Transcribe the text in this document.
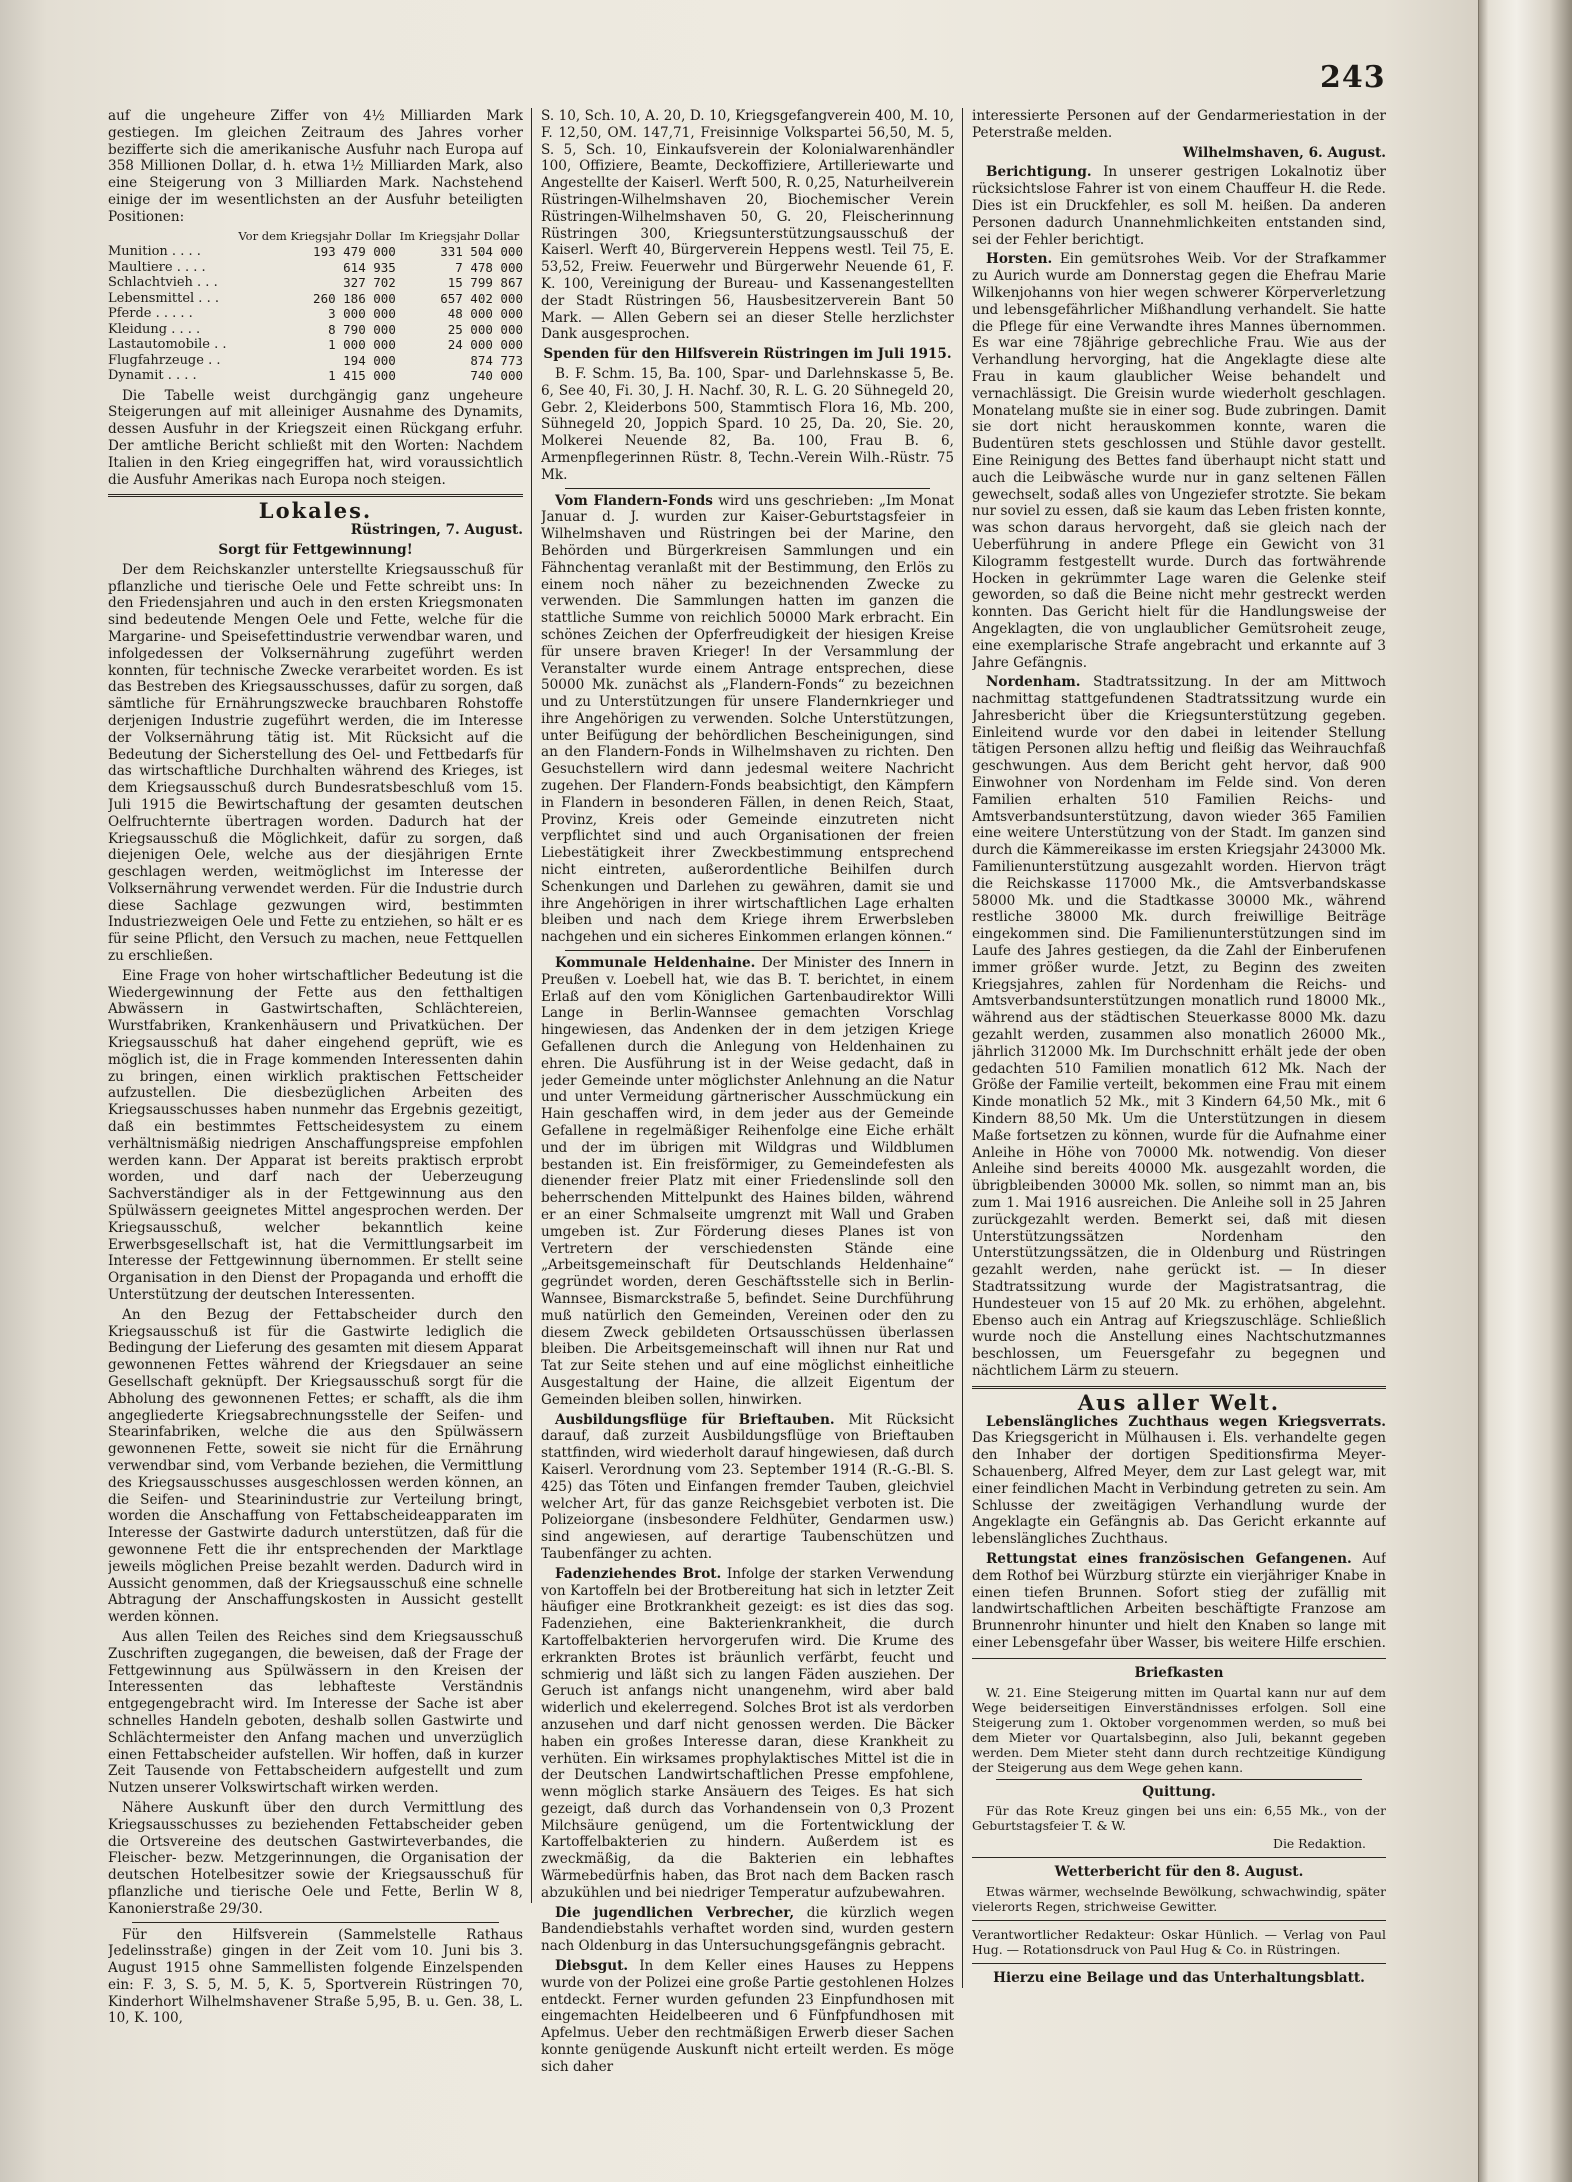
243

auf die ungeheure Ziffer von 4½ Milliarden Mark gestiegen. Im gleichen Zeitraum des Jahres vorher bezifferte sich die amerikanische Ausfuhr nach Europa auf 358 Millionen Dollar, d. h. etwa 1½ Milliarden Mark, also eine Steigerung von 3 Milliarden Mark. Nachstehend einige der im wesentlichsten an der Ausfuhr beteiligten Positionen:

	Vor dem Kriegsjahr Dollar	Im Kriegsjahr Dollar
Munition . . . .	193 479 000	331 504 000
Maultiere . . . .	614 935	7 478 000
Schlachtvieh . . .	327 702	15 799 867
Lebensmittel . . .	260 186 000	657 402 000
Pferde . . . . .	3 000 000	48 000 000
Kleidung . . . .	8 790 000	25 000 000
Lastautomobile . .	1 000 000	24 000 000
Flugfahrzeuge . .	194 000	874 773
Dynamit . . . .	1 415 000	740 000

Die Tabelle weist durchgängig ganz ungeheure Steigerungen auf mit alleiniger Ausnahme des Dynamits, dessen Ausfuhr in der Kriegszeit einen Rückgang erfuhr. Der amtliche Bericht schließt mit den Worten: Nachdem Italien in den Krieg eingegriffen hat, wird voraussichtlich die Ausfuhr Amerikas nach Europa noch steigen.

Lokales.

Rüstringen, 7. August.

Sorgt für Fettgewinnung!

Der dem Reichskanzler unterstellte Kriegsausschuß für pflanzliche und tierische Oele und Fette schreibt uns: In den Friedensjahren und auch in den ersten Kriegsmonaten sind bedeutende Mengen Oele und Fette, welche für die Margarine- und Speisefettindustrie verwendbar waren, und infolgedessen der Volksernährung zugeführt werden konnten, für technische Zwecke verarbeitet worden. Es ist das Bestreben des Kriegsausschusses, dafür zu sorgen, daß sämtliche für Ernährungszwecke brauchbaren Rohstoffe derjenigen Industrie zugeführt werden, die im Interesse der Volksernährung tätig ist. Mit Rücksicht auf die Bedeutung der Sicherstellung des Oel- und Fettbedarfs für das wirtschaftliche Durchhalten während des Krieges, ist dem Kriegsausschuß durch Bundesratsbeschluß vom 15. Juli 1915 die Bewirtschaftung der gesamten deutschen Oelfruchternte übertragen worden. Dadurch hat der Kriegsausschuß die Möglichkeit, dafür zu sorgen, daß diejenigen Oele, welche aus der diesjährigen Ernte geschlagen werden, weitmöglichst im Interesse der Volksernährung verwendet werden. Für die Industrie durch diese Sachlage gezwungen wird, bestimmten Industriezweigen Oele und Fette zu entziehen, so hält er es für seine Pflicht, den Versuch zu machen, neue Fettquellen zu erschließen.

Eine Frage von hoher wirtschaftlicher Bedeutung ist die Wiedergewinnung der Fette aus den fetthaltigen Abwässern in Gastwirtschaften, Schlächtereien, Wurstfabriken, Krankenhäusern und Privatküchen. Der Kriegsausschuß hat daher eingehend geprüft, wie es möglich ist, die in Frage kommenden Interessenten dahin zu bringen, einen wirklich praktischen Fettscheider aufzustellen. Die diesbezüglichen Arbeiten des Kriegsausschusses haben nunmehr das Ergebnis gezeitigt, daß ein bestimmtes Fettscheidesystem zu einem verhältnismäßig niedrigen Anschaffungspreise empfohlen werden kann. Der Apparat ist bereits praktisch erprobt worden, und darf nach der Ueberzeugung Sachverständiger als in der Fettgewinnung aus den Spülwässern geeignetes Mittel angesprochen werden. Der Kriegsausschuß, welcher bekanntlich keine Erwerbsgesellschaft ist, hat die Vermittlungsarbeit im Interesse der Fettgewinnung übernommen. Er stellt seine Organisation in den Dienst der Propaganda und erhofft die Unterstützung der deutschen Interessenten.

An den Bezug der Fettabscheider durch den Kriegsausschuß ist für die Gastwirte lediglich die Bedingung der Lieferung des gesamten mit diesem Apparat gewonnenen Fettes während der Kriegsdauer an seine Gesellschaft geknüpft. Der Kriegsausschuß sorgt für die Abholung des gewonnenen Fettes; er schafft, als die ihm angegliederte Kriegsabrechnungsstelle der Seifen- und Stearinfabriken, welche die aus den Spülwässern gewonnenen Fette, soweit sie nicht für die Ernährung verwendbar sind, vom Verbande beziehen, die Vermittlung des Kriegsausschusses ausgeschlossen werden können, an die Seifen- und Stearinindustrie zur Verteilung bringt, worden die Anschaffung von Fettabscheideapparaten im Interesse der Gastwirte dadurch unterstützen, daß für die gewonnene Fett die ihr entsprechenden der Marktlage jeweils möglichen Preise bezahlt werden. Dadurch wird in Aussicht genommen, daß der Kriegsausschuß eine schnelle Abtragung der Anschaffungskosten in Aussicht gestellt werden können.

Aus allen Teilen des Reiches sind dem Kriegsausschuß Zuschriften zugegangen, die beweisen, daß der Frage der Fettgewinnung aus Spülwässern in den Kreisen der Interessenten das lebhafteste Verständnis entgegengebracht wird. Im Interesse der Sache ist aber schnelles Handeln geboten, deshalb sollen Gastwirte und Schlächtermeister den Anfang machen und unverzüglich einen Fettabscheider aufstellen. Wir hoffen, daß in kurzer Zeit Tausende von Fettabscheidern aufgestellt und zum Nutzen unserer Volkswirtschaft wirken werden.

Nähere Auskunft über den durch Vermittlung des Kriegsausschusses zu beziehenden Fettabscheider geben die Ortsvereine des deutschen Gastwirteverbandes, die Fleischer- bezw. Metzgerinnungen, die Organisation der deutschen Hotelbesitzer sowie der Kriegsausschuß für pflanzliche und tierische Oele und Fette, Berlin W 8, Kanonierstraße 29/30.

Für den Hilfsverein (Sammelstelle Rathaus Jedelinsstraße) gingen in der Zeit vom 10. Juni bis 3. August 1915 ohne Sammellisten folgende Einzelspenden ein: F. 3, S. 5, M. 5, K. 5, Sportverein Rüstringen 70, Kinderhort Wilhelmshavener Straße 5,95, B. u. Gen. 38, L. 10, K. 100,

S. 10, Sch. 10, A. 20, D. 10, Kriegsgefangverein 400, M. 10, F. 12,50, OM. 147,71, Freisinnige Volkspartei 56,50, M. 5, S. 5, Sch. 10, Einkaufsverein der Kolonialwarenhändler 100, Offiziere, Beamte, Deckoffiziere, Artilleriewarte und Angestellte der Kaiserl. Werft 500, R. 0,25, Naturheilverein Rüstringen-Wilhelmshaven 20, Biochemischer Verein Rüstringen-Wilhelmshaven 50, G. 20, Fleischerinnung Rüstringen 300, Kriegsunterstützungsausschuß der Kaiserl. Werft 40, Bürgerverein Heppens westl. Teil 75, E. 53,52, Freiw. Feuerwehr und Bürgerwehr Neuende 61, F. K. 100, Vereinigung der Bureau- und Kassenangestellten der Stadt Rüstringen 56, Hausbesitzerverein Bant 50 Mark. — Allen Gebern sei an dieser Stelle herzlichster Dank ausgesprochen.

Spenden für den Hilfsverein Rüstringen im Juli 1915.

B. F. Schm. 15, Ba. 100, Spar- und Darlehnskasse 5, Be. 6, See 40, Fi. 30, J. H. Nachf. 30, R. L. G. 20 Sühnegeld 20, Gebr. 2, Kleiderbons 500, Stammtisch Flora 16, Mb. 200, Sühnegeld 20, Joppich Spard. 10 25, Da. 20, Sie. 20, Molkerei Neuende 82, Ba. 100, Frau B. 6, Armenpflegerinnen Rüstr. 8, Techn.-Verein Wilh.-Rüstr. 75 Mk.

Vom Flandern-Fonds wird uns geschrieben: „Im Monat Januar d. J. wurden zur Kaiser-Geburtstagsfeier in Wilhelmshaven und Rüstringen bei der Marine, den Behörden und Bürgerkreisen Sammlungen und ein Fähnchentag veranlaßt mit der Bestimmung, den Erlös zu einem noch näher zu bezeichnenden Zwecke zu verwenden. Die Sammlungen hatten im ganzen die stattliche Summe von reichlich 50000 Mark erbracht. Ein schönes Zeichen der Opferfreudigkeit der hiesigen Kreise für unsere braven Krieger! In der Versammlung der Veranstalter wurde einem Antrage entsprechen, diese 50000 Mk. zunächst als „Flandern-Fonds“ zu bezeichnen und zu Unterstützungen für unsere Flandernkrieger und ihre Angehörigen zu verwenden. Solche Unterstützungen, unter Beifügung der behördlichen Bescheinigungen, sind an den Flandern-Fonds in Wilhelmshaven zu richten. Den Gesuchstellern wird dann jedesmal weitere Nachricht zugehen. Der Flandern-Fonds beabsichtigt, den Kämpfern in Flandern in besonderen Fällen, in denen Reich, Staat, Provinz, Kreis oder Gemeinde einzutreten nicht verpflichtet sind und auch Organisationen der freien Liebestätigkeit ihrer Zweckbestimmung entsprechend nicht eintreten, außerordentliche Beihilfen durch Schenkungen und Darlehen zu gewähren, damit sie und ihre Angehörigen in ihrer wirtschaftlichen Lage erhalten bleiben und nach dem Kriege ihrem Erwerbsleben nachgehen und ein sicheres Einkommen erlangen können.“

Kommunale Heldenhaine. Der Minister des Innern in Preußen v. Loebell hat, wie das B. T. berichtet, in einem Erlaß auf den vom Königlichen Gartenbaudirektor Willi Lange in Berlin-Wannsee gemachten Vorschlag hingewiesen, das Andenken der in dem jetzigen Kriege Gefallenen durch die Anlegung von Heldenhainen zu ehren. Die Ausführung ist in der Weise gedacht, daß in jeder Gemeinde unter möglichster Anlehnung an die Natur und unter Vermeidung gärtnerischer Ausschmückung ein Hain geschaffen wird, in dem jeder aus der Gemeinde Gefallene in regelmäßiger Reihenfolge eine Eiche erhält und der im übrigen mit Wildgras und Wildblumen bestanden ist. Ein freisförmiger, zu Gemeindefesten als dienender freier Platz mit einer Friedenslinde soll den beherrschenden Mittelpunkt des Haines bilden, während er an einer Schmalseite umgrenzt mit Wall und Graben umgeben ist. Zur Förderung dieses Planes ist von Vertretern der verschiedensten Stände eine „Arbeitsgemeinschaft für Deutschlands Heldenhaine“ gegründet worden, deren Geschäftsstelle sich in Berlin-Wannsee, Bismarckstraße 5, befindet. Seine Durchführung muß natürlich den Gemeinden, Vereinen oder den zu diesem Zweck gebildeten Ortsausschüssen überlassen bleiben. Die Arbeitsgemeinschaft will ihnen nur Rat und Tat zur Seite stehen und auf eine möglichst einheitliche Ausgestaltung der Haine, die allzeit Eigentum der Gemeinden bleiben sollen, hinwirken.

Ausbildungsflüge für Brieftauben. Mit Rücksicht darauf, daß zurzeit Ausbildungsflüge von Brieftauben stattfinden, wird wiederholt darauf hingewiesen, daß durch Kaiserl. Verordnung vom 23. September 1914 (R.-G.-Bl. S. 425) das Töten und Einfangen fremder Tauben, gleichviel welcher Art, für das ganze Reichsgebiet verboten ist. Die Polizeiorgane (insbesondere Feldhüter, Gendarmen usw.) sind angewiesen, auf derartige Taubenschützen und Taubenfänger zu achten.

Fadenziehendes Brot. Infolge der starken Verwendung von Kartoffeln bei der Brotbereitung hat sich in letzter Zeit häufiger eine Brotkrankheit gezeigt: es ist dies das sog. Fadenziehen, eine Bakterienkrankheit, die durch Kartoffelbakterien hervorgerufen wird. Die Krume des erkrankten Brotes ist bräunlich verfärbt, feucht und schmierig und läßt sich zu langen Fäden ausziehen. Der Geruch ist anfangs nicht unangenehm, wird aber bald widerlich und ekelerregend. Solches Brot ist als verdorben anzusehen und darf nicht genossen werden. Die Bäcker haben ein großes Interesse daran, diese Krankheit zu verhüten. Ein wirksames prophylaktisches Mittel ist die in der Deutschen Landwirtschaftlichen Presse empfohlene, wenn möglich starke Ansäuern des Teiges. Es hat sich gezeigt, daß durch das Vorhandensein von 0,3 Prozent Milchsäure genügend, um die Fortentwicklung der Kartoffelbakterien zu hindern. Außerdem ist es zweckmäßig, da die Bakterien ein lebhaftes Wärmebedürfnis haben, das Brot nach dem Backen rasch abzukühlen und bei niedriger Temperatur aufzubewahren.

Die jugendlichen Verbrecher, die kürzlich wegen Bandendiebstahls verhaftet worden sind, wurden gestern nach Oldenburg in das Untersuchungsgefängnis gebracht.

Diebsgut. In dem Keller eines Hauses zu Heppens wurde von der Polizei eine große Partie gestohlenen Holzes entdeckt. Ferner wurden gefunden 23 Einpfundhosen mit eingemachten Heidelbeeren und 6 Fünfpfundhosen mit Apfelmus. Ueber den rechtmäßigen Erwerb dieser Sachen konnte genügende Auskunft nicht erteilt werden. Es möge sich daher

interessierte Personen auf der Gendarmeriestation in der Peterstraße melden.

Wilhelmshaven, 6. August.

Berichtigung. In unserer gestrigen Lokalnotiz über rücksichtslose Fahrer ist von einem Chauffeur H. die Rede. Dies ist ein Druckfehler, es soll M. heißen. Da anderen Personen dadurch Unannehmlichkeiten entstanden sind, sei der Fehler berichtigt.

Horsten. Ein gemütsrohes Weib. Vor der Strafkammer zu Aurich wurde am Donnerstag gegen die Ehefrau Marie Wilkenjohanns von hier wegen schwerer Körperverletzung und lebensgefährlicher Mißhandlung verhandelt. Sie hatte die Pflege für eine Verwandte ihres Mannes übernommen. Es war eine 78jährige gebrechliche Frau. Wie aus der Verhandlung hervorging, hat die Angeklagte diese alte Frau in kaum glaublicher Weise behandelt und vernachlässigt. Die Greisin wurde wiederholt geschlagen. Monatelang mußte sie in einer sog. Bude zubringen. Damit sie dort nicht herauskommen konnte, waren die Budentüren stets geschlossen und Stühle davor gestellt. Eine Reinigung des Bettes fand überhaupt nicht statt und auch die Leibwäsche wurde nur in ganz seltenen Fällen gewechselt, sodaß alles von Ungeziefer strotzte. Sie bekam nur soviel zu essen, daß sie kaum das Leben fristen konnte, was schon daraus hervorgeht, daß sie gleich nach der Ueberführung in andere Pflege ein Gewicht von 31 Kilogramm festgestellt wurde. Durch das fortwährende Hocken in gekrümmter Lage waren die Gelenke steif geworden, so daß die Beine nicht mehr gestreckt werden konnten. Das Gericht hielt für die Handlungsweise der Angeklagten, die von unglaublicher Gemütsroheit zeuge, eine exemplarische Strafe angebracht und erkannte auf 3 Jahre Gefängnis.

Nordenham. Stadtratssitzung. In der am Mittwoch nachmittag stattgefundenen Stadtratssitzung wurde ein Jahresbericht über die Kriegsunterstützung gegeben. Einleitend wurde vor den dabei in leitender Stellung tätigen Personen allzu heftig und fleißig das Weihrauchfaß geschwungen. Aus dem Bericht geht hervor, daß 900 Einwohner von Nordenham im Felde sind. Von deren Familien erhalten 510 Familien Reichs- und Amtsverbandsunterstützung, davon wieder 365 Familien eine weitere Unterstützung von der Stadt. Im ganzen sind durch die Kämmereikasse im ersten Kriegsjahr 243000 Mk. Familienunterstützung ausgezahlt worden. Hiervon trägt die Reichskasse 117000 Mk., die Amtsverbandskasse 58000 Mk. und die Stadtkasse 30000 Mk., während restliche 38000 Mk. durch freiwillige Beiträge eingekommen sind. Die Familienunterstützungen sind im Laufe des Jahres gestiegen, da die Zahl der Einberufenen immer größer wurde. Jetzt, zu Beginn des zweiten Kriegsjahres, zahlen für Nordenham die Reichs- und Amtsverbandsunterstützungen monatlich rund 18000 Mk., während aus der städtischen Steuerkasse 8000 Mk. dazu gezahlt werden, zusammen also monatlich 26000 Mk., jährlich 312000 Mk. Im Durchschnitt erhält jede der oben gedachten 510 Familien monatlich 612 Mk. Nach der Größe der Familie verteilt, bekommen eine Frau mit einem Kinde monatlich 52 Mk., mit 3 Kindern 64,50 Mk., mit 6 Kindern 88,50 Mk. Um die Unterstützungen in diesem Maße fortsetzen zu können, wurde für die Aufnahme einer Anleihe in Höhe von 70000 Mk. notwendig. Von dieser Anleihe sind bereits 40000 Mk. ausgezahlt worden, die übrigbleibenden 30000 Mk. sollen, so nimmt man an, bis zum 1. Mai 1916 ausreichen. Die Anleihe soll in 25 Jahren zurückgezahlt werden. Bemerkt sei, daß mit diesen Unterstützungssätzen Nordenham den Unterstützungssätzen, die in Oldenburg und Rüstringen gezahlt werden, nahe gerückt ist. — In dieser Stadtratssitzung wurde der Magistratsantrag, die Hundesteuer von 15 auf 20 Mk. zu erhöhen, abgelehnt. Ebenso auch ein Antrag auf Kriegszuschläge. Schließlich wurde noch die Anstellung eines Nachtschutzmannes beschlossen, um Feuersgefahr zu begegnen und nächtlichem Lärm zu steuern.

Aus aller Welt.

Lebenslängliches Zuchthaus wegen Kriegsverrats. Das Kriegsgericht in Mülhausen i. Els. verhandelte gegen den Inhaber der dortigen Speditionsfirma Meyer-Schauenberg, Alfred Meyer, dem zur Last gelegt war, mit einer feindlichen Macht in Verbindung getreten zu sein. Am Schlusse der zweitägigen Verhandlung wurde der Angeklagte ein Gefängnis ab. Das Gericht erkannte auf lebenslängliches Zuchthaus.

Rettungstat eines französischen Gefangenen. Auf dem Rothof bei Würzburg stürzte ein vierjähriger Knabe in einen tiefen Brunnen. Sofort stieg der zufällig mit landwirtschaftlichen Arbeiten beschäftigte Franzose am Brunnenrohr hinunter und hielt den Knaben so lange mit einer Lebensgefahr über Wasser, bis weitere Hilfe erschien.

Briefkasten

W. 21. Eine Steigerung mitten im Quartal kann nur auf dem Wege beiderseitigen Einverständnisses erfolgen. Soll eine Steigerung zum 1. Oktober vorgenommen werden, so muß bei dem Mieter vor Quartalsbeginn, also Juli, bekannt gegeben werden. Dem Mieter steht dann durch rechtzeitige Kündigung der Steigerung aus dem Wege gehen kann.

Quittung.

Für das Rote Kreuz gingen bei uns ein: 6,55 Mk., von der Geburtstagsfeier T. & W.

Die Redaktion.

Wetterbericht für den 8. August.

Etwas wärmer, wechselnde Bewölkung, schwachwindig, später vielerorts Regen, strichweise Gewitter.

Verantwortlicher Redakteur: Oskar Hünlich. — Verlag von Paul Hug. — Rotationsdruck von Paul Hug & Co. in Rüstringen.

Hierzu eine Beilage und das Unterhaltungsblatt.
